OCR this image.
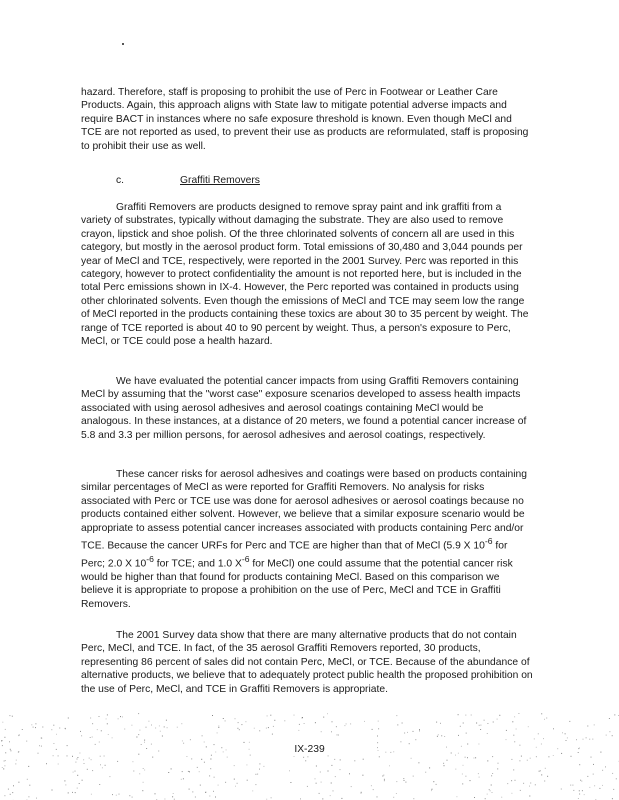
hazard. Therefore, staff is proposing to prohibit the use of Perc in Footwear or Leather Care Products. Again, this approach aligns with State law to mitigate potential adverse impacts and require BACT in instances where no safe exposure threshold is known. Even though MeCl and TCE are not reported as used, to prevent their use as products are reformulated, staff is proposing to prohibit their use as well.

c.	Graffiti Removers

Graffiti Removers are products designed to remove spray paint and ink graffiti from a variety of substrates, typically without damaging the substrate. They are also used to remove crayon, lipstick and shoe polish. Of the three chlorinated solvents of concern all are used in this category, but mostly in the aerosol product form. Total emissions of 30,480 and 3,044 pounds per year of MeCl and TCE, respectively, were reported in the 2001 Survey. Perc was reported in this category, however to protect confidentiality the amount is not reported here, but is included in the total Perc emissions shown in IX-4. However, the Perc reported was contained in products using other chlorinated solvents. Even though the emissions of MeCl and TCE may seem low the range of MeCl reported in the products containing these toxics are about 30 to 35 percent by weight. The range of TCE reported is about 40 to 90 percent by weight. Thus, a person's exposure to Perc, MeCl, or TCE could pose a health hazard.

We have evaluated the potential cancer impacts from using Graffiti Removers containing MeCl by assuming that the "worst case" exposure scenarios developed to assess health impacts associated with using aerosol adhesives and aerosol coatings containing MeCl would be analogous. In these instances, at a distance of 20 meters, we found a potential cancer increase of 5.8 and 3.3 per million persons, for aerosol adhesives and aerosol coatings, respectively.

These cancer risks for aerosol adhesives and coatings were based on products containing similar percentages of MeCl as were reported for Graffiti Removers. No analysis for risks associated with Perc or TCE use was done for aerosol adhesives or aerosol coatings because no products contained either solvent. However, we believe that a similar exposure scenario would be appropriate to assess potential cancer increases associated with products containing Perc and/or TCE. Because the cancer URFs for Perc and TCE are higher than that of MeCl (5.9 X $10^{-6}$ for Perc; 2.0 X $10^{-6}$ for TCE; and 1.0 $X^{-6}$ for MeCl) one could assume that the potential cancer risk would be higher than that found for products containing MeCl. Based on this comparison we believe it is appropriate to propose a prohibition on the use of Perc, MeCl and TCE in Graffiti Removers.

The 2001 Survey data show that there are many alternative products that do not contain Perc, MeCl, and TCE. In fact, of the 35 aerosol Graffiti Removers reported, 30 products, representing 86 percent of sales did not contain Perc, MeCl, or TCE. Because of the abundance of alternative products, we believe that to adequately protect public health the proposed prohibition on the use of Perc, MeCl, and TCE in Graffiti Removers is appropriate.

IX-239
